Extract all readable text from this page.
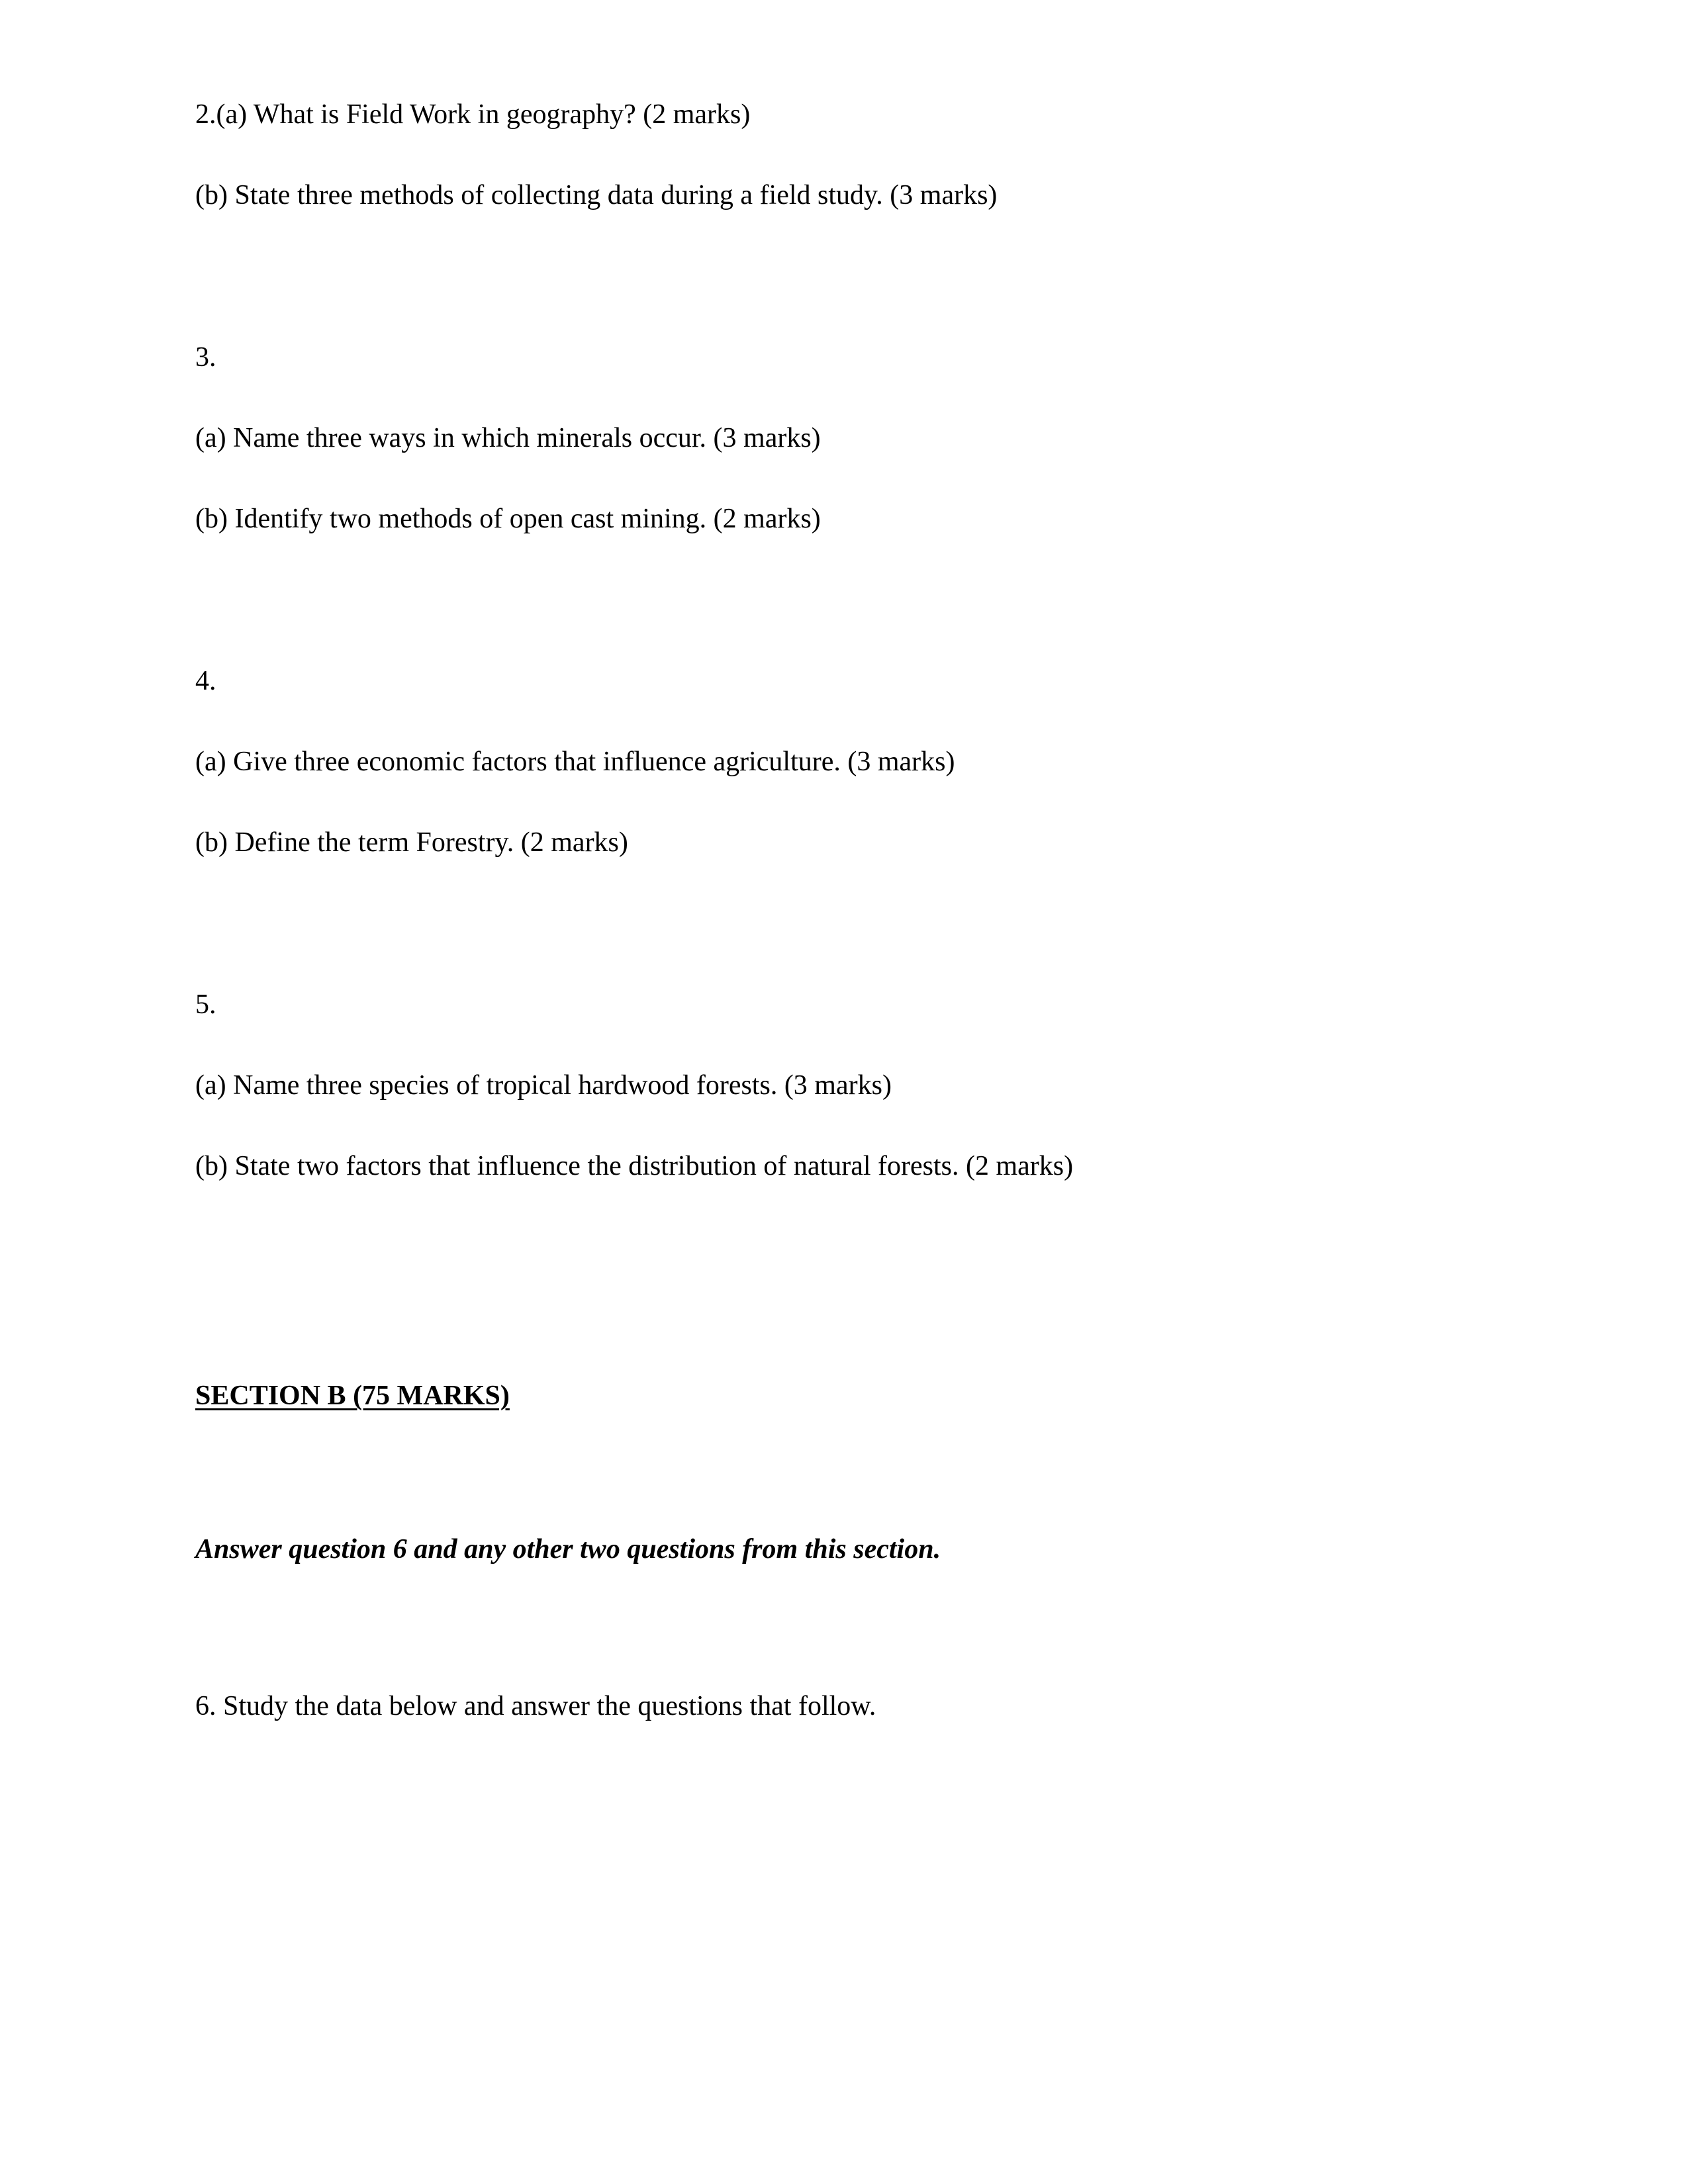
2.(a) What is Field Work in geography? (2 marks)

(b) State three methods of collecting data during a field study. (3 marks)

3.

(a) Name three ways in which minerals occur. (3 marks)

(b) Identify two methods of open cast mining. (2 marks)

4.

(a) Give three economic factors that influence agriculture. (3 marks)

(b) Define the term Forestry. (2 marks)

5.

(a) Name three species of tropical hardwood forests. (3 marks)

(b) State two factors that influence the distribution of natural forests. (2 marks)

SECTION B (75 MARKS)

Answer question 6 and any other two questions from this section.

6. Study the data below and answer the questions that follow.
